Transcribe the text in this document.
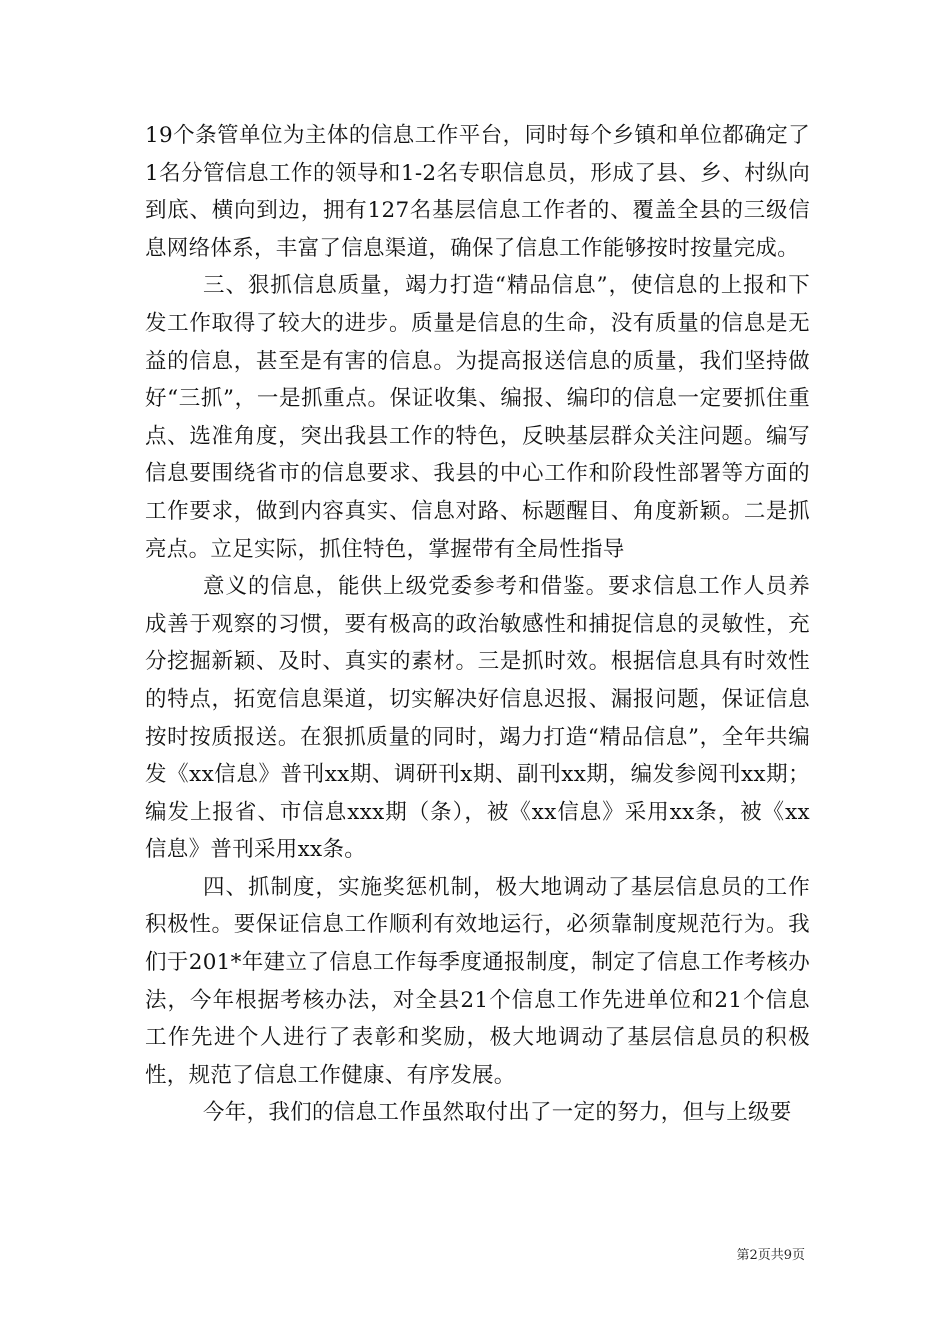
19个条管单位为主体的信息工作平台，同时每个乡镇和单位都确定了1名分管信息工作的领导和1-2名专职信息员，形成了县、乡、村纵向到底、横向到边，拥有127名基层信息工作者的、覆盖全县的三级信息网络体系，丰富了信息渠道，确保了信息工作能够按时按量完成。

三、狠抓信息质量，竭力打造“精品信息”，使信息的上报和下发工作取得了较大的进步。质量是信息的生命，没有质量的信息是无益的信息，甚至是有害的信息。为提高报送信息的质量，我们坚持做好“三抓”，一是抓重点。保证收集、编报、编印的信息一定要抓住重点、选准角度，突出我县工作的特色，反映基层群众关注问题。编写信息要围绕省市的信息要求、我县的中心工作和阶段性部署等方面的工作要求，做到内容真实、信息对路、标题醒目、角度新颖。二是抓亮点。立足实际，抓住特色，掌握带有全局性指导

意义的信息，能供上级党委参考和借鉴。要求信息工作人员养成善于观察的习惯，要有极高的政治敏感性和捕捉信息的灵敏性，充分挖掘新颖、及时、真实的素材。三是抓时效。根据信息具有时效性的特点，拓宽信息渠道，切实解决好信息迟报、漏报问题，保证信息按时按质报送。在狠抓质量的同时，竭力打造“精品信息”，全年共编发《xx信息》普刊xx期、调研刊x期、副刊xx期，编发参阅刊xx期；编发上报省、市信息xxx期（条），被《xx信息》采用xx条，被《xx信息》普刊采用xx条。

四、抓制度，实施奖惩机制，极大地调动了基层信息员的工作积极性。要保证信息工作顺利有效地运行，必须靠制度规范行为。我们于201*年建立了信息工作每季度通报制度，制定了信息工作考核办法，今年根据考核办法，对全县21个信息工作先进单位和21个信息工作先进个人进行了表彰和奖励，极大地调动了基层信息员的积极性，规范了信息工作健康、有序发展。

今年，我们的信息工作虽然取付出了一定的努力，但与上级要

第2页共9页
